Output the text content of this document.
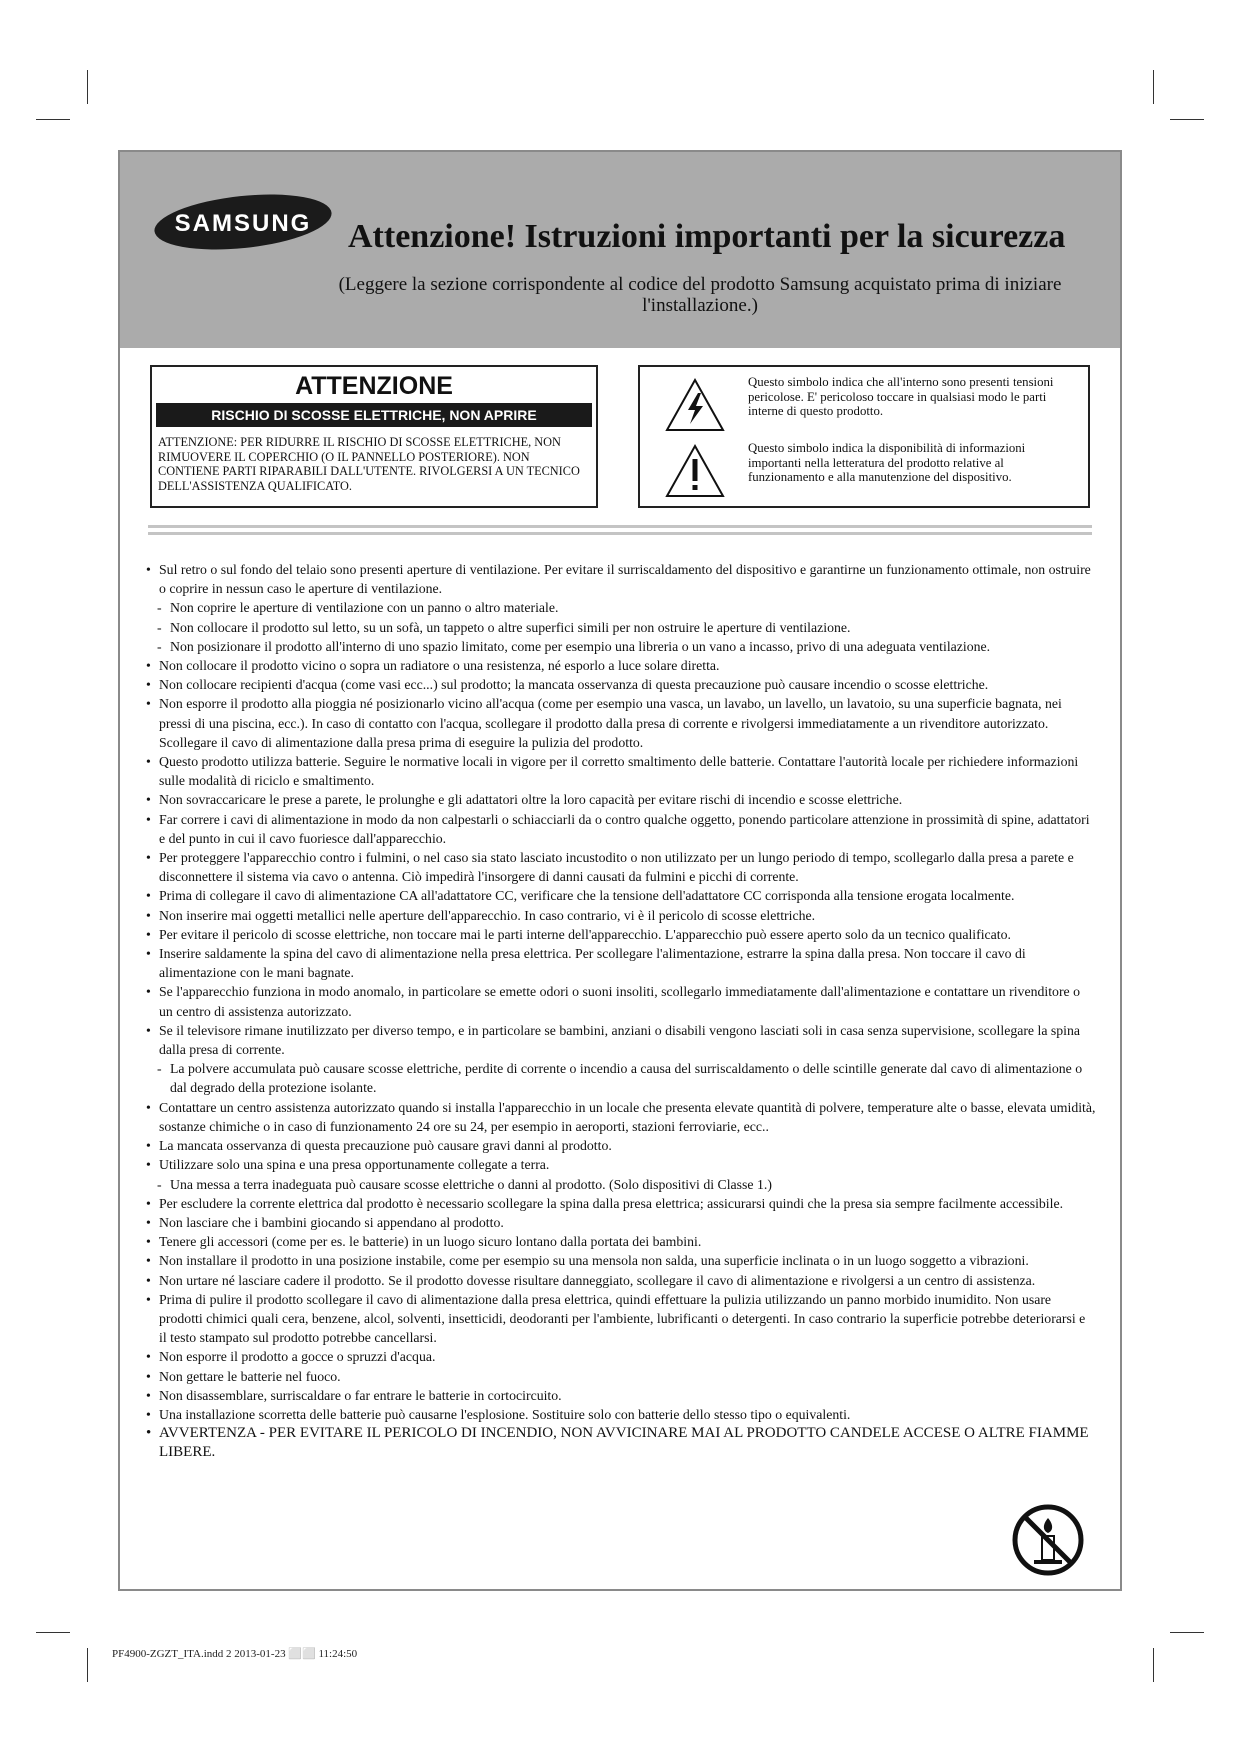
SAMSUNG Attenzione! Istruzioni importanti per la sicurezza
(Leggere la sezione corrispondente al codice del prodotto Samsung acquistato prima di iniziare l'installazione.)
ATTENZIONE
RISCHIO DI SCOSSE ELETTRICHE, NON APRIRE
ATTENZIONE: PER RIDURRE IL RISCHIO DI SCOSSE ELETTRICHE, NON RIMUOVERE IL COPERCHIO (O IL PANNELLO POSTERIORE). NON CONTIENE PARTI RIPARABILI DALL'UTENTE. RIVOLGERSI A UN TECNICO DELL'ASSISTENZA QUALIFICATO.
Questo simbolo indica che all'interno sono presenti tensioni pericolose. E' pericoloso toccare in qualsiasi modo le parti interne di questo prodotto.
Questo simbolo indica la disponibilità di informazioni importanti nella letteratura del prodotto relative al funzionamento e alla manutenzione del dispositivo.
• Sul retro o sul fondo del telaio sono presenti aperture di ventilazione. Per evitare il surriscaldamento del dispositivo e garantirne un funzionamento ottimale, non ostruire o coprire in nessun caso le aperture di ventilazione.
- Non coprire le aperture di ventilazione con un panno o altro materiale.
- Non collocare il prodotto sul letto, su un sofà, un tappeto o altre superfici simili per non ostruire le aperture di ventilazione.
- Non posizionare il prodotto all'interno di uno spazio limitato, come per esempio una libreria o un vano a incasso, privo di una adeguata ventilazione.
• Non collocare il prodotto vicino o sopra un radiatore o una resistenza, né esporlo a luce solare diretta.
• Non collocare recipienti d'acqua (come vasi ecc...) sul prodotto; la mancata osservanza di questa precauzione può causare incendio o scosse elettriche.
• Non esporre il prodotto alla pioggia né posizionarlo vicino all'acqua (come per esempio una vasca, un lavabo, un lavello, un lavatoio, su una superficie bagnata, nei pressi di una piscina, ecc.). In caso di contatto con l'acqua, scollegare il prodotto dalla presa di corrente e rivolgersi immediatamente a un rivenditore autorizzato. Scollegare il cavo di alimentazione dalla presa prima di eseguire la pulizia del prodotto.
• Questo prodotto utilizza batterie. Seguire le normative locali in vigore per il corretto smaltimento delle batterie. Contattare l'autorità locale per richiedere informazioni sulle modalità di riciclo e smaltimento.
• Non sovraccaricare le prese a parete, le prolunghe e gli adattatori oltre la loro capacità per evitare rischi di incendio e scosse elettriche.
• Far correre i cavi di alimentazione in modo da non calpestarli o schiacciarli da o contro qualche oggetto, ponendo particolare attenzione in prossimità di spine, adattatori e del punto in cui il cavo fuoriesce dall'apparecchio.
• Per proteggere l'apparecchio contro i fulmini, o nel caso sia stato lasciato incustodito o non utilizzato per un lungo periodo di tempo, scollegarlo dalla presa a parete e disconnettere il sistema via cavo o antenna. Ciò impedirà l'insorgere di danni causati da fulmini e picchi di corrente.
• Prima di collegare il cavo di alimentazione CA all'adattatore CC, verificare che la tensione dell'adattatore CC corrisponda alla tensione erogata localmente.
• Non inserire mai oggetti metallici nelle aperture dell'apparecchio. In caso contrario, vi è il pericolo di scosse elettriche.
• Per evitare il pericolo di scosse elettriche, non toccare mai le parti interne dell'apparecchio. L'apparecchio può essere aperto solo da un tecnico qualificato.
• Inserire saldamente la spina del cavo di alimentazione nella presa elettrica. Per scollegare l'alimentazione, estrarre la spina dalla presa. Non toccare il cavo di alimentazione con le mani bagnate.
• Se l'apparecchio funziona in modo anomalo, in particolare se emette odori o suoni insoliti, scollegarlo immediatamente dall'alimentazione e contattare un rivenditore o un centro di assistenza autorizzato.
• Se il televisore rimane inutilizzato per diverso tempo, e in particolare se bambini, anziani o disabili vengono lasciati soli in casa senza supervisione, scollegare la spina dalla presa di corrente.
- La polvere accumulata può causare scosse elettriche, perdite di corrente o incendio a causa del surriscaldamento o delle scintille generate dal cavo di alimentazione o dal degrado della protezione isolante.
• Contattare un centro assistenza autorizzato quando si installa l'apparecchio in un locale che presenta elevate quantità di polvere, temperature alte o basse, elevata umidità, sostanze chimiche o in caso di funzionamento 24 ore su 24, per esempio in aeroporti, stazioni ferroviarie, ecc..
• La mancata osservanza di questa precauzione può causare gravi danni al prodotto.
• Utilizzare solo una spina e una presa opportunamente collegate a terra.
- Una messa a terra inadeguata può causare scosse elettriche o danni al prodotto. (Solo dispositivi di Classe 1.)
• Per escludere la corrente elettrica dal prodotto è necessario scollegare la spina dalla presa elettrica; assicurarsi quindi che la presa sia sempre facilmente accessibile.
• Non lasciare che i bambini giocando si appendano al prodotto.
• Tenere gli accessori (come per es. le batterie) in un luogo sicuro lontano dalla portata dei bambini.
• Non installare il prodotto in una posizione instabile, come per esempio su una mensola non salda, una superficie inclinata o in un luogo soggetto a vibrazioni.
• Non urtare né lasciare cadere il prodotto. Se il prodotto dovesse risultare danneggiato, scollegare il cavo di alimentazione e rivolgersi a un centro di assistenza.
• Prima di pulire il prodotto scollegare il cavo di alimentazione dalla presa elettrica, quindi effettuare la pulizia utilizzando un panno morbido inumidito. Non usare prodotti chimici quali cera, benzene, alcol, solventi, insetticidi, deodoranti per l'ambiente, lubrificanti o detergenti. In caso contrario la superficie potrebbe deteriorarsi e il testo stampato sul prodotto potrebbe cancellarsi.
• Non esporre il prodotto a gocce o spruzzi d'acqua.
• Non gettare le batterie nel fuoco.
• Non disassemblare, surriscaldare o far entrare le batterie in cortocircuito.
• Una installazione scorretta delle batterie può causarne l'esplosione. Sostituire solo con batterie dello stesso tipo o equivalenti.
• AVVERTENZA - PER EVITARE IL PERICOLO DI INCENDIO, NON AVVICINARE MAI AL PRODOTTO CANDELE ACCESE O ALTRE FIAMME LIBERE.
PF4900-ZGZT_ITA.indd 2 2013-01-23 ⬜⬜ 11:24:50
